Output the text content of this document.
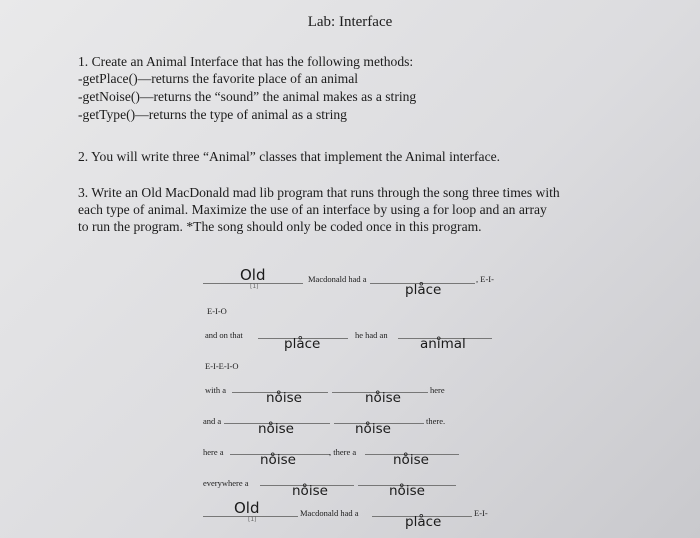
Lab: Interface
1. Create an Animal Interface that has the following methods:
-getPlace()—returns the favorite place of an animal
-getNoise()—returns the “sound” the animal makes as a string
-getType()—returns the type of animal as a string
2. You will write three “Animal” classes that implement the Animal interface.
3. Write an Old MacDonald mad lib program that runs through the song three times with
each type of animal. Maximize the use of an interface by using a for loop and an array
to run the program. *The song should only be coded once in this program.
Old
[1]
Macdonald had a	, E-I-
plåce
E-I-O
and on that
plåce
he had an
ani̊mal
E-I-E-I-O
with a	no̊ise	no̊ise	here
and a	no̊ise	no̊ise	there.
here a	no̊ise	, there a	no̊ise
everywhere a	no̊ise	no̊ise
Old
[1]
Macdonald had a
plåce
E-I-
